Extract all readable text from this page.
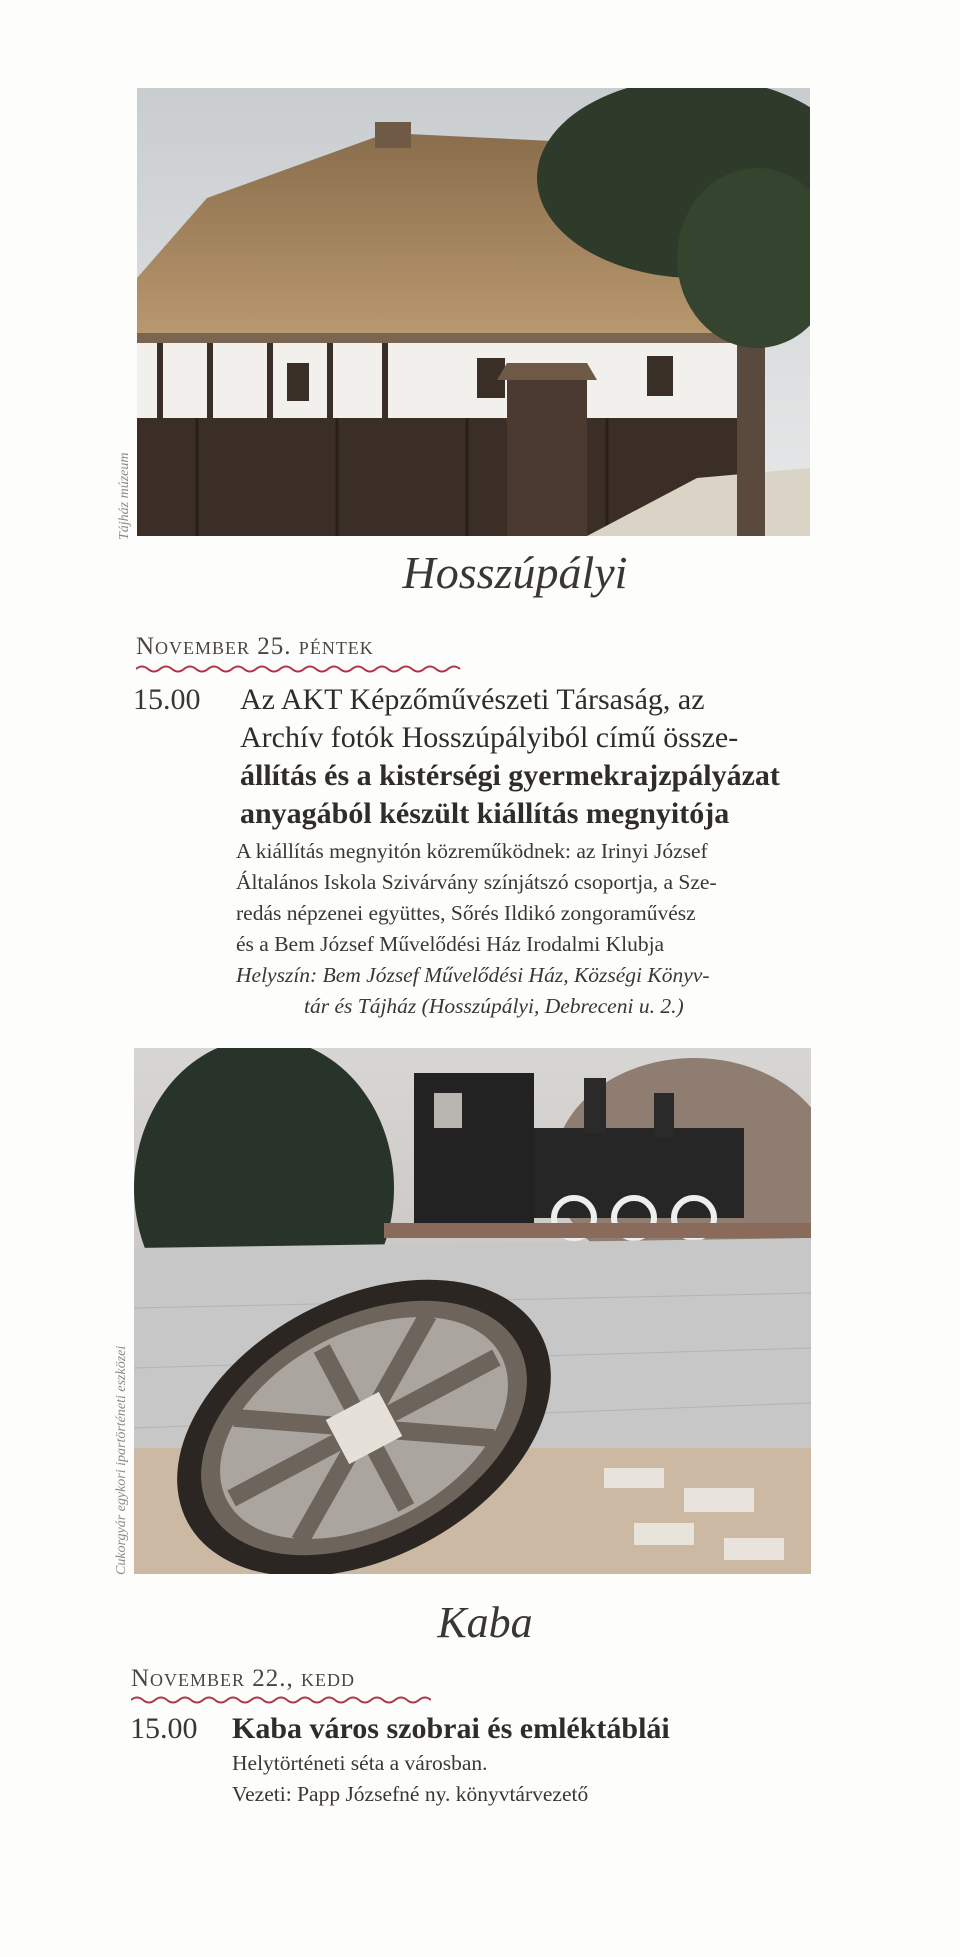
Tájház múzeum
Hosszúpályi
November 25. péntek
15.00 Az AKT Képzőművészeti Társaság, az
Archív fotók Hosszúpályiból című össze-
állítás és a kistérségi gyermekrajzpályázat
anyagából készült kiállítás megnyitója
A kiállítás megnyitón közreműködnek: az Irinyi József
Általános Iskola Szivárvány színjátszó csoportja, a Sze-
redás népzenei együttes, Sőrés Ildikó zongoraművész
és a Bem József Művelődési Ház Irodalmi Klubja
Helyszín: Bem József Művelődési Ház, Községi Könyv-
tár és Tájház (Hosszúpályi, Debreceni u. 2.)
Cukorgyár egykori ipartörténeti eszközei
Kaba
November 22., kedd
15.00 Kaba város szobrai és emléktáblái
Helytörténeti séta a városban.
Vezeti: Papp Józsefné ny. könyvtárvezető
